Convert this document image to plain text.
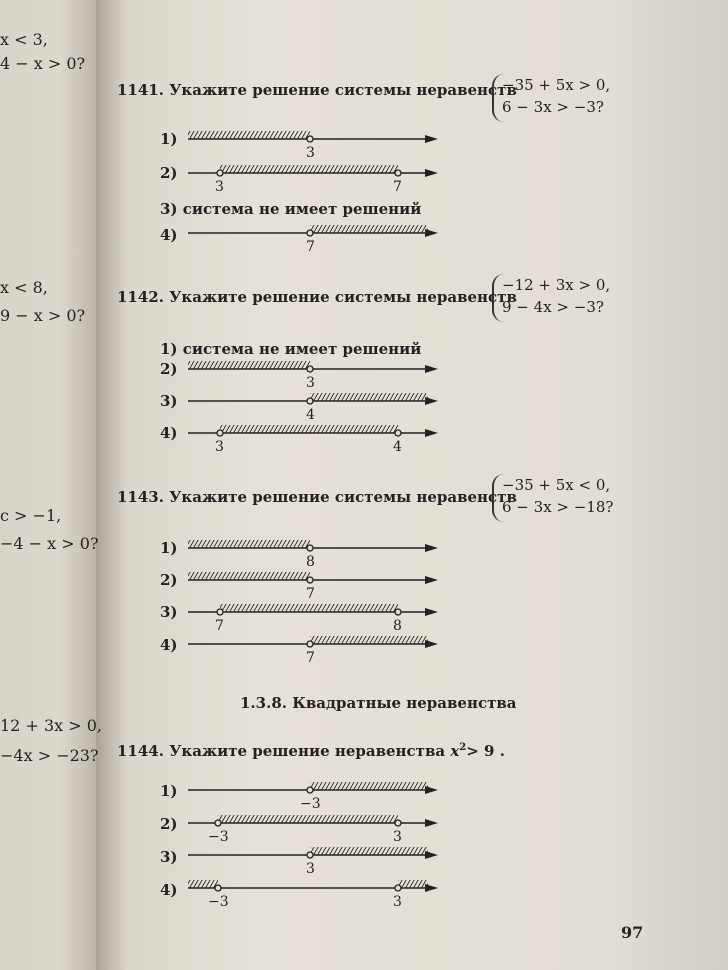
x < 3,
4 − x > 0?
x < 8,
9 − x > 0?
c > −1,
−4 − x > 0?
12 + 3x > 0,
−4x > −23?
1141. Укажите решение системы неравенств
−35 + 5x > 0,
6 − 3x > −3?
1)
3
2)
3	7
3) система не имеет решений
4)
7
1142. Укажите решение системы неравенств
−12 + 3x > 0,
9 − 4x > −3?
1) система не имеет решений
2)
3
3)
4
4)
3	4
1143. Укажите решение системы неравенств
−35 + 5x < 0,
6 − 3x > −18?
1)
8
2)
7
3)
7	8
4)
7
1.3.8. Квадратные неравенства
1144. Укажите решение неравенства $x^2> 9$ .
1)
−3
2)
−3	3
3)
3
4)
−3	3
97
